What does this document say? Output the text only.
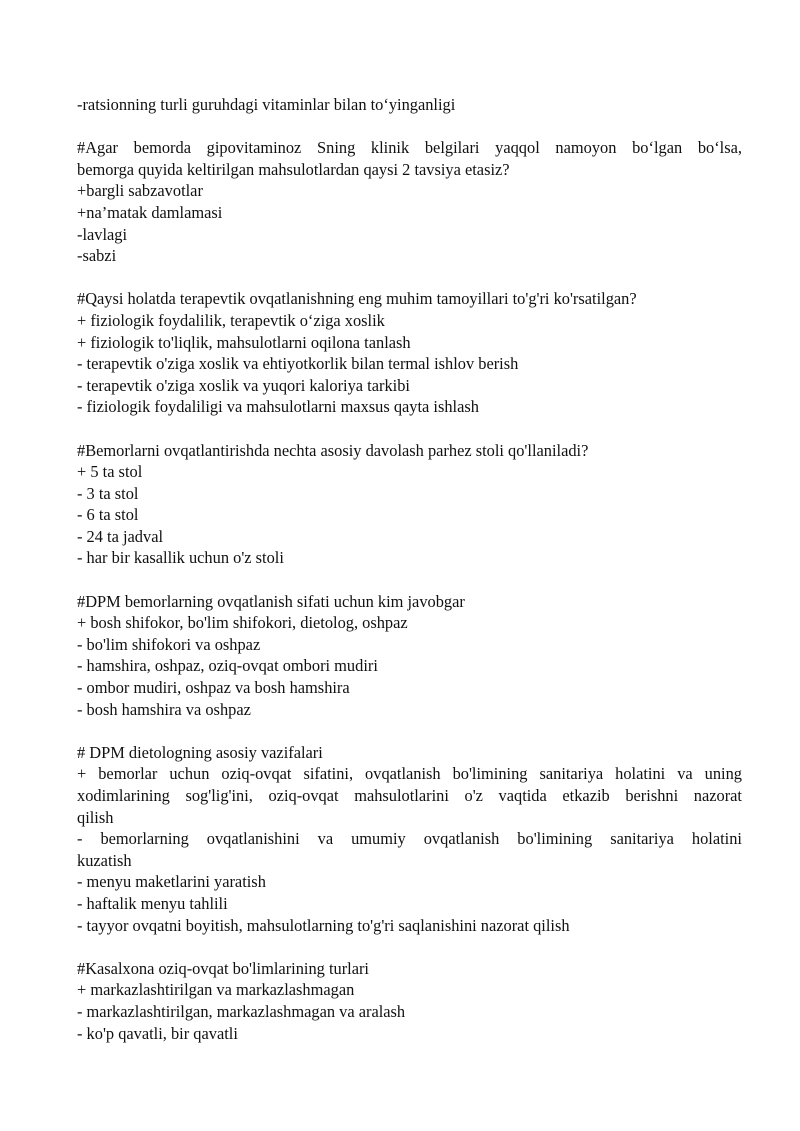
-ratsionning turli guruhdagi vitaminlar bilan to‘yinganligi
#Agar bemorda gipovitaminoz Sning klinik belgilari yaqqol namoyon bo‘lgan bo‘lsa,
bemorga quyida keltirilgan mahsulotlardan qaysi 2 tavsiya etasiz?
+bargli sabzavotlar
+na’matak damlamasi
-lavlagi
-sabzi
#Qaysi holatda terapevtik ovqatlanishning eng muhim tamoyillari to'g'ri ko'rsatilgan?
+ fiziologik foydalilik, terapevtik o‘ziga xoslik
+ fiziologik to'liqlik, mahsulotlarni oqilona tanlash
- terapevtik o'ziga xoslik va ehtiyotkorlik bilan termal ishlov berish
- terapevtik o'ziga xoslik va yuqori kaloriya tarkibi
- fiziologik foydaliligi va mahsulotlarni maxsus qayta ishlash
#Bemorlarni ovqatlantirishda nechta asosiy davolash parhez stoli qo'llaniladi?
+ 5 ta stol
- 3 ta stol
- 6 ta stol
- 24 ta jadval
- har bir kasallik uchun o'z stoli
#DPM bemorlarning ovqatlanish sifati uchun kim javobgar
+ bosh shifokor, bo'lim shifokori, dietolog, oshpaz
- bo'lim shifokori va oshpaz
- hamshira, oshpaz, oziq-ovqat ombori mudiri
- ombor mudiri, oshpaz va bosh hamshira
- bosh hamshira va oshpaz
# DPM dietologning asosiy vazifalari
+ bemorlar uchun oziq-ovqat sifatini, ovqatlanish bo'limining sanitariya holatini va uning
xodimlarining sog'lig'ini, oziq-ovqat mahsulotlarini o'z vaqtida etkazib berishni nazorat
qilish
- bemorlarning ovqatlanishini va umumiy ovqatlanish bo'limining sanitariya holatini
kuzatish
- menyu maketlarini yaratish
- haftalik menyu tahlili
- tayyor ovqatni boyitish, mahsulotlarning to'g'ri saqlanishini nazorat qilish
#Kasalxona oziq-ovqat bo'limlarining turlari
+ markazlashtirilgan va markazlashmagan
- markazlashtirilgan, markazlashmagan va aralash
- ko'p qavatli, bir qavatli
